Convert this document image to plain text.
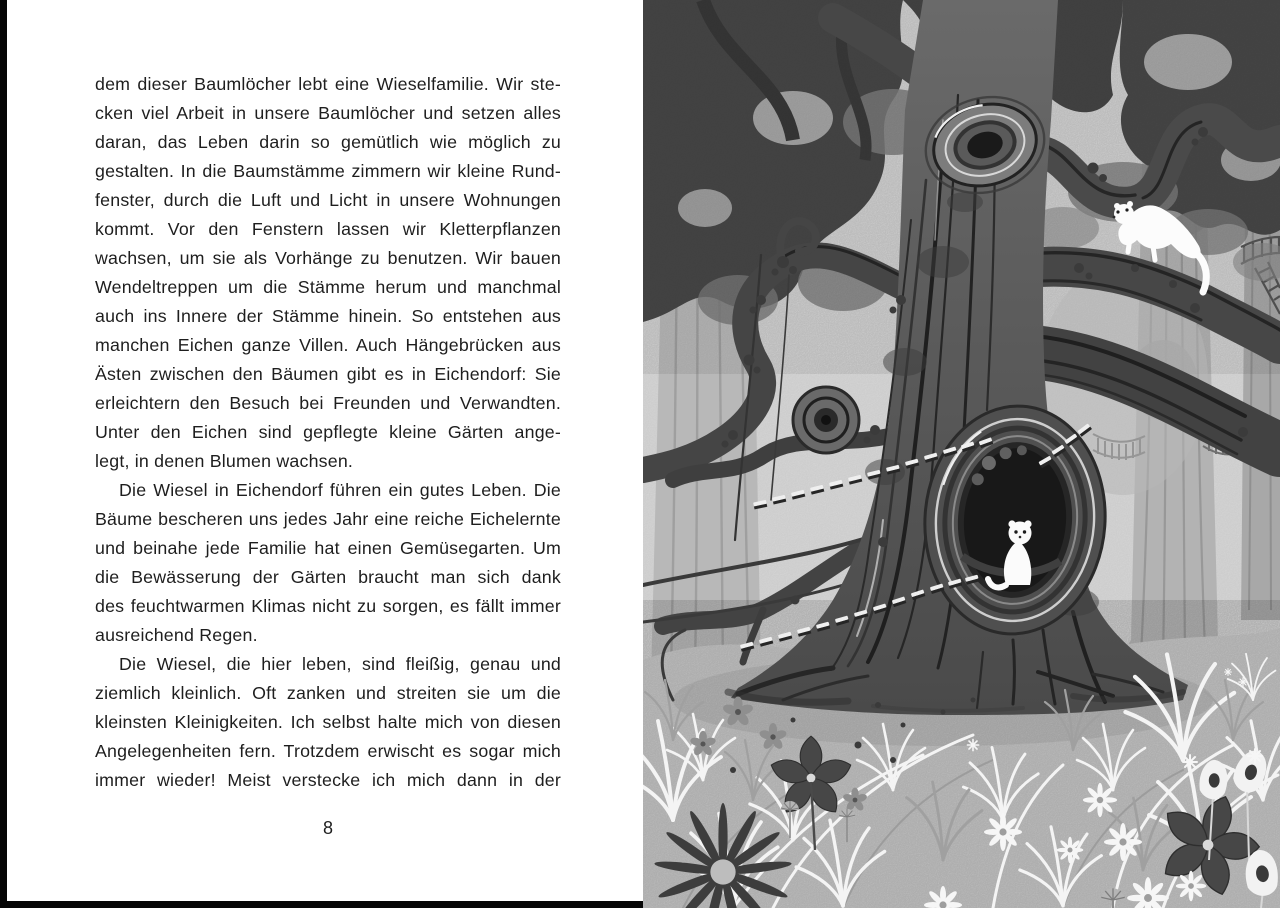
dem dieser Baumlöcher lebt eine Wieselfamilie. Wir ste-
cken viel Arbeit in unsere Baumlöcher und setzen alles
daran, das Leben darin so gemütlich wie möglich zu
gestalten. In die Baumstämme zimmern wir kleine Rund-
fenster, durch die Luft und Licht in unsere Wohnungen
kommt. Vor den Fenstern lassen wir Kletterpflanzen
wachsen, um sie als Vorhänge zu benutzen. Wir bauen
Wendeltreppen um die Stämme herum und manchmal
auch ins Innere der Stämme hinein. So entstehen aus
manchen Eichen ganze Villen. Auch Hängebrücken aus
Ästen zwischen den Bäumen gibt es in Eichendorf: Sie
erleichtern den Besuch bei Freunden und Verwandten.
Unter den Eichen sind gepflegte kleine Gärten ange-
legt, in denen Blumen wachsen.
Die Wiesel in Eichendorf führen ein gutes Leben. Die
Bäume bescheren uns jedes Jahr eine reiche Eichelernte
und beinahe jede Familie hat einen Gemüsegarten. Um
die Bewässerung der Gärten braucht man sich dank
des feuchtwarmen Klimas nicht zu sorgen, es fällt immer
ausreichend Regen.
Die Wiesel, die hier leben, sind fleißig, genau und
ziemlich kleinlich. Oft zanken und streiten sie um die
kleinsten Kleinigkeiten. Ich selbst halte mich von diesen
Angelegenheiten fern. Trotzdem erwischt es sogar mich
immer wieder! Meist verstecke ich mich dann in der
8
